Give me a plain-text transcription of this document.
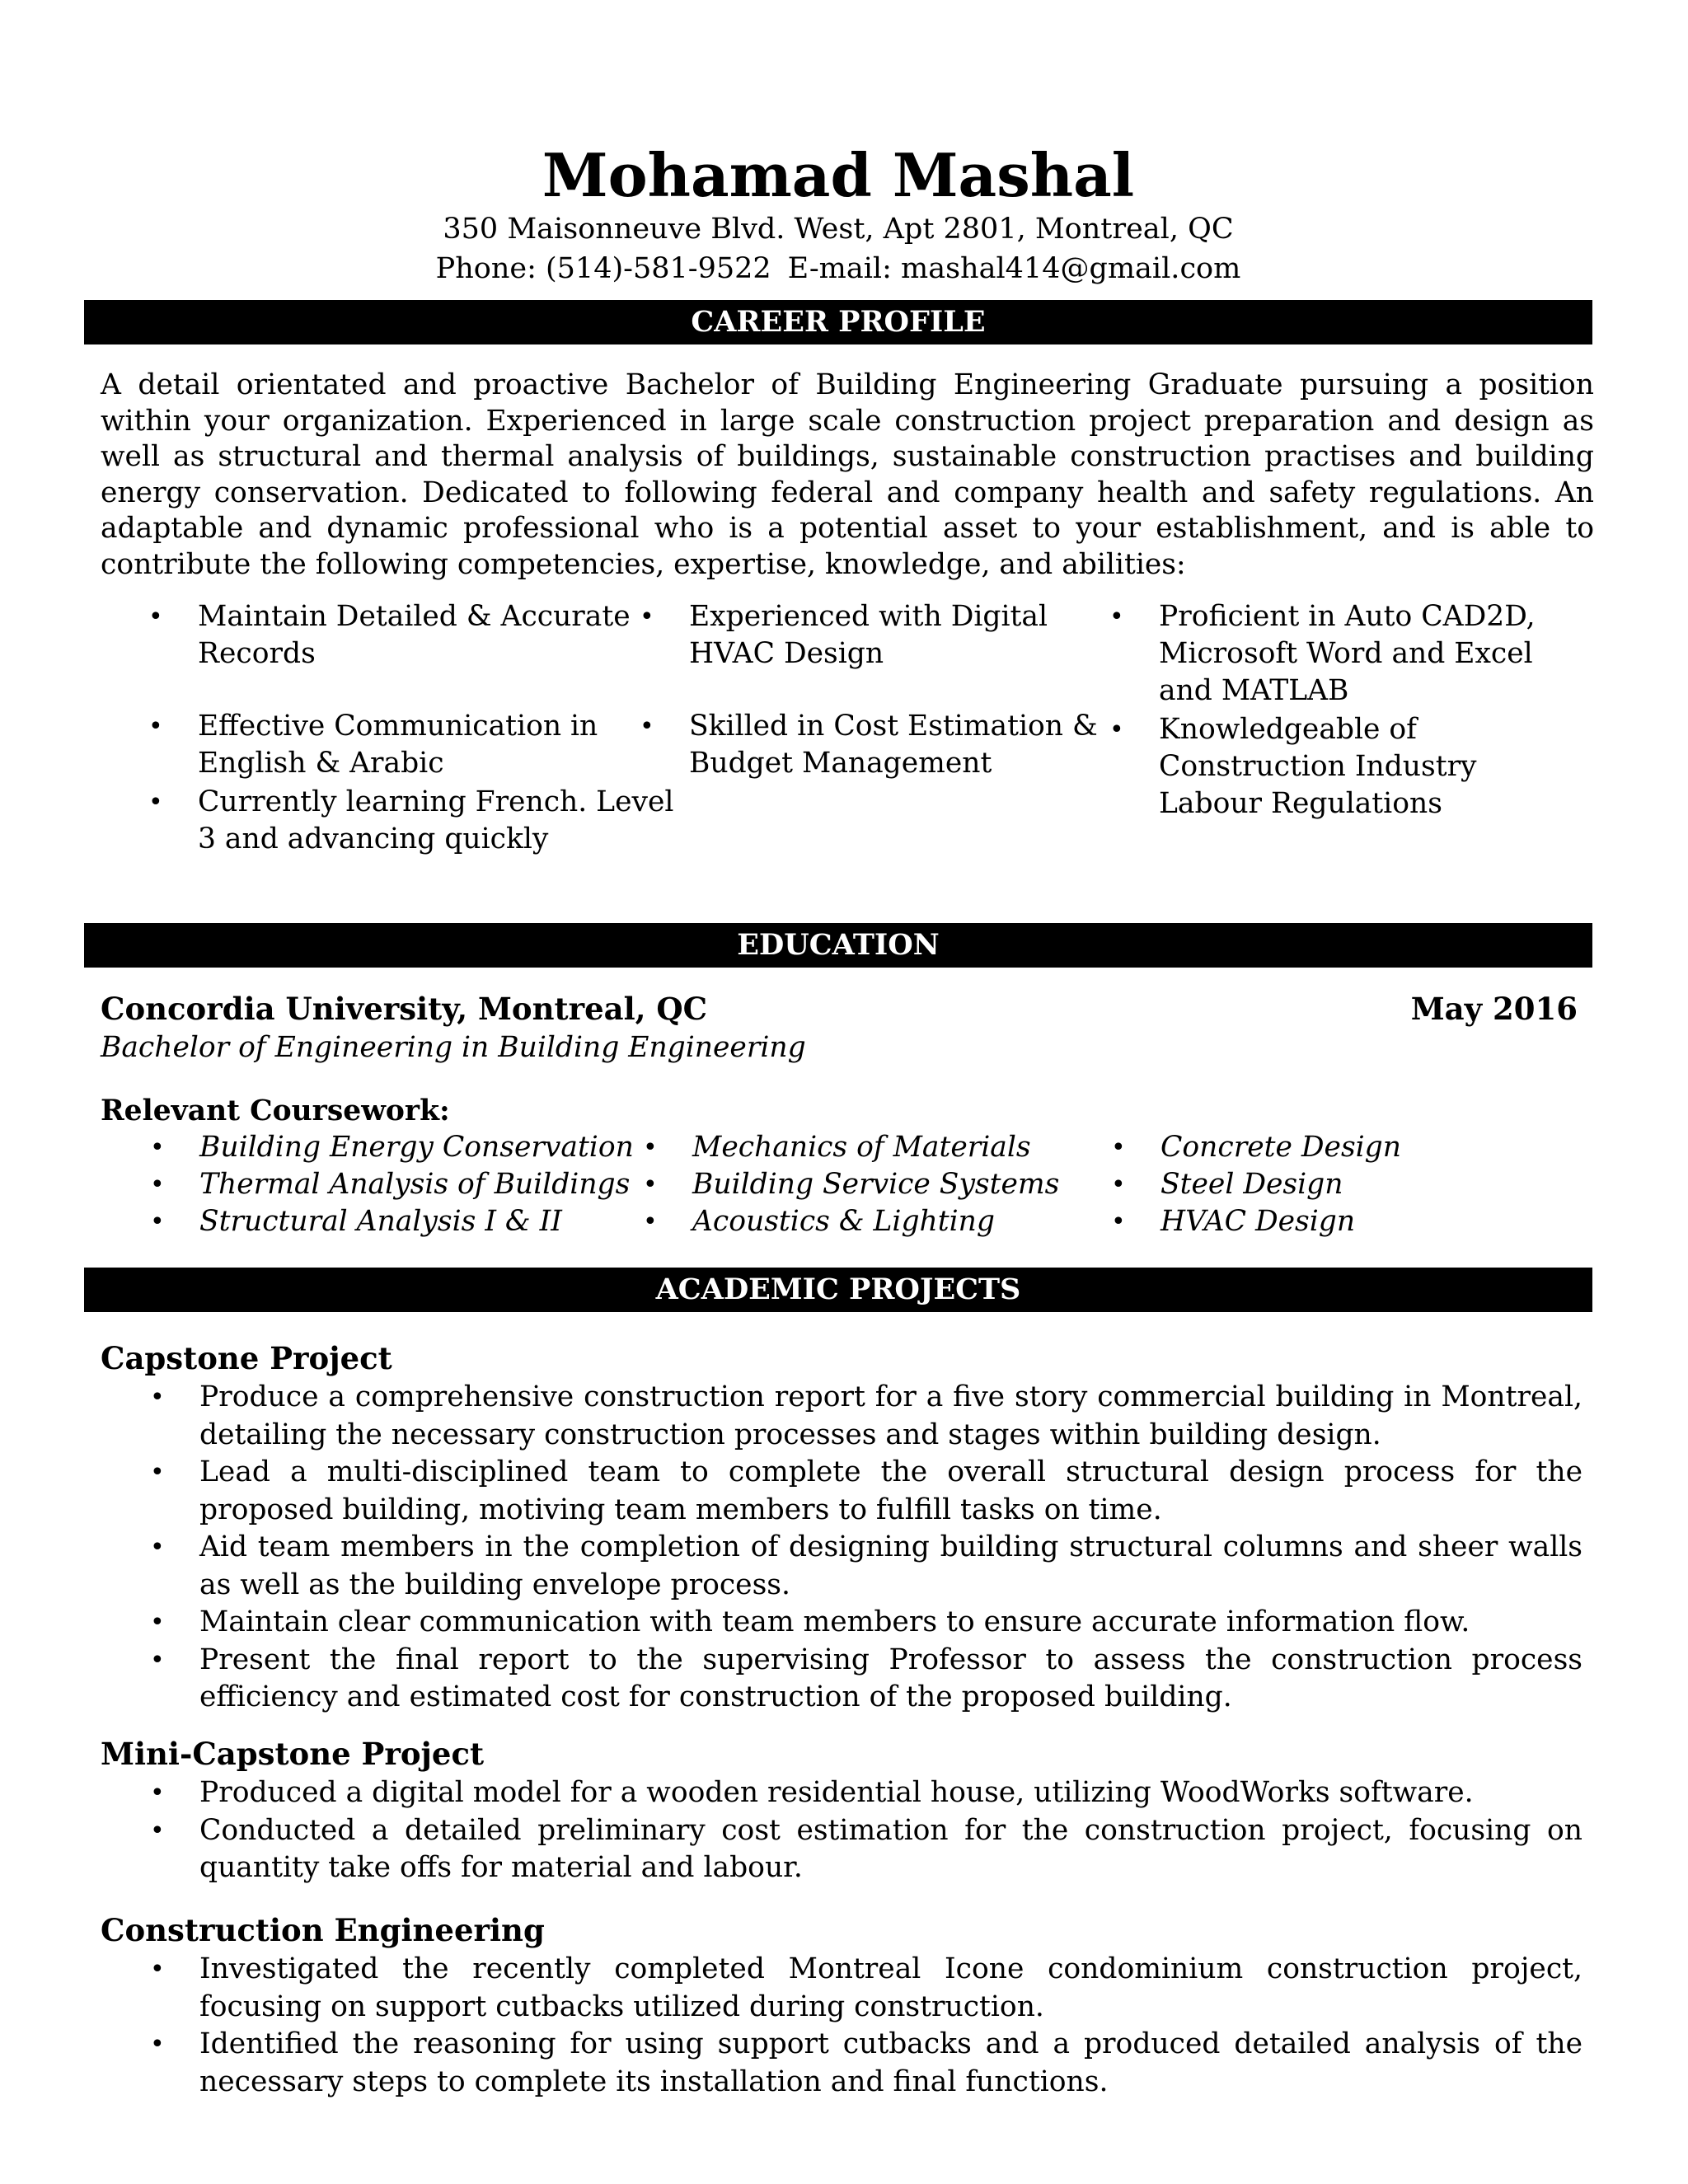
Mohamad Mashal
350 Maisonneuve Blvd. West, Apt 2801, Montreal, QC
Phone: (514)-581-9522 E-mail: mashal414@gmail.com
CAREER PROFILE
A detail orientated and proactive Bachelor of Building Engineering Graduate pursuing a position within your organization. Experienced in large scale construction project preparation and design as well as structural and thermal analysis of buildings, sustainable construction practises and building energy conservation. Dedicated to following federal and company health and safety regulations. An adaptable and dynamic professional who is a potential asset to your establishment, and is able to contribute the following competencies, expertise, knowledge, and abilities:
• Maintain Detailed & Accurate Records
• Effective Communication in English & Arabic
• Currently learning French. Level 3 and advancing quickly
• Experienced with Digital HVAC Design
• Skilled in Cost Estimation & Budget Management
• Proficient in Auto CAD2D, Microsoft Word and Excel and MATLAB
• Knowledgeable of Construction Industry Labour Regulations
EDUCATION
Concordia University, Montreal, QC	May 2016
Bachelor of Engineering in Building Engineering
Relevant Coursework:
• Building Energy Conservation
• Thermal Analysis of Buildings
• Structural Analysis I & II
• Mechanics of Materials
• Building Service Systems
• Acoustics & Lighting
• Concrete Design
• Steel Design
• HVAC Design
ACADEMIC PROJECTS
Capstone Project
• Produce a comprehensive construction report for a five story commercial building in Montreal, detailing the necessary construction processes and stages within building design.
• Lead a multi-disciplined team to complete the overall structural design process for the proposed building, motiving team members to fulfill tasks on time.
• Aid team members in the completion of designing building structural columns and sheer walls as well as the building envelope process.
• Maintain clear communication with team members to ensure accurate information flow.
• Present the final report to the supervising Professor to assess the construction process efficiency and estimated cost for construction of the proposed building.
Mini-Capstone Project
• Produced a digital model for a wooden residential house, utilizing WoodWorks software.
• Conducted a detailed preliminary cost estimation for the construction project, focusing on quantity take offs for material and labour.
Construction Engineering
• Investigated the recently completed Montreal Icone condominium construction project, focusing on support cutbacks utilized during construction.
• Identified the reasoning for using support cutbacks and a produced detailed analysis of the necessary steps to complete its installation and final functions.
